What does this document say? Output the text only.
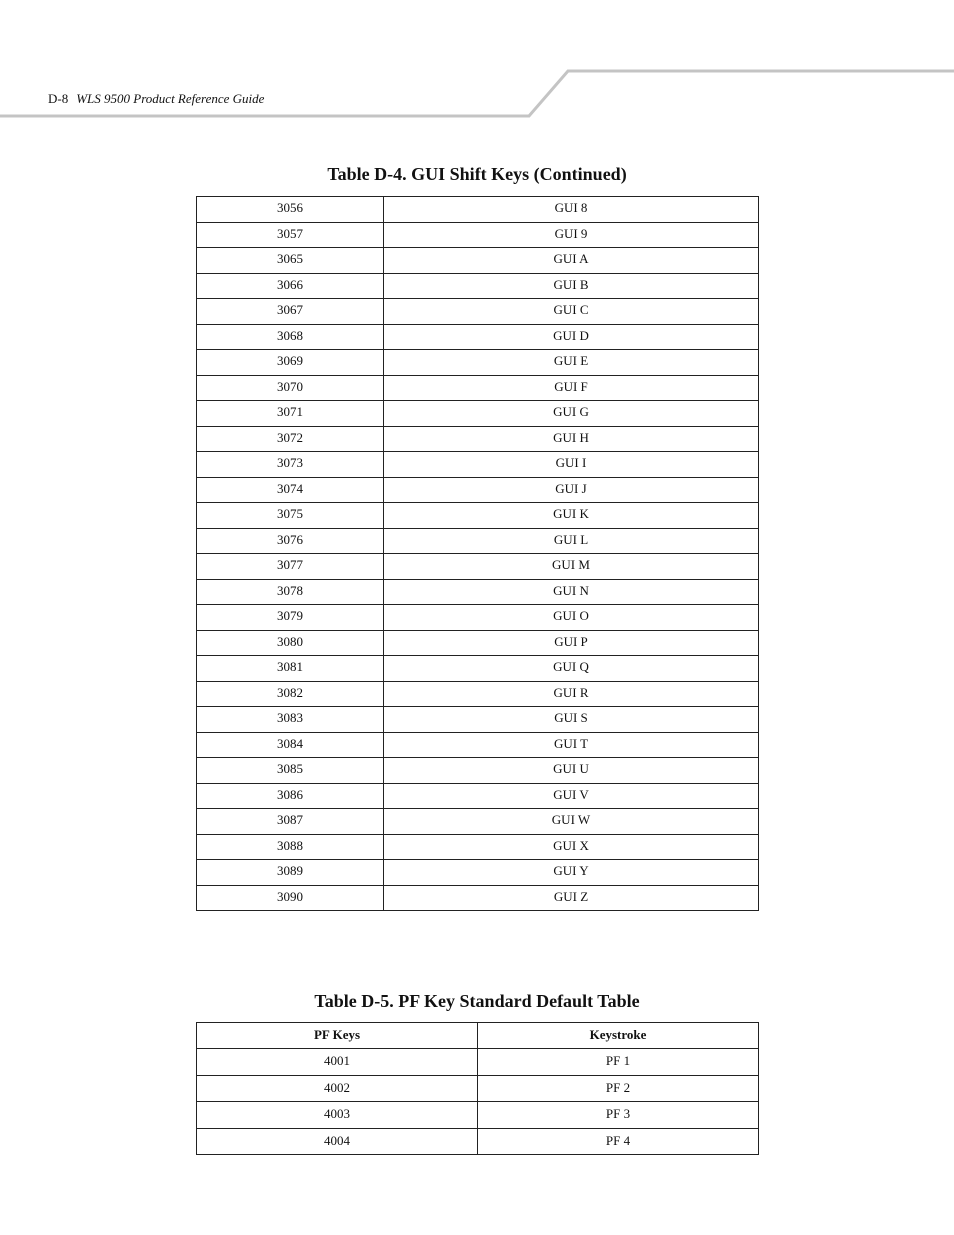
D-8 WLS 9500 Product Reference Guide
Table D-4. GUI Shift Keys (Continued)
3056	GUI 8
3057	GUI 9
3065	GUI A
3066	GUI B
3067	GUI C
3068	GUI D
3069	GUI E
3070	GUI F
3071	GUI G
3072	GUI H
3073	GUI I
3074	GUI J
3075	GUI K
3076	GUI L
3077	GUI M
3078	GUI N
3079	GUI O
3080	GUI P
3081	GUI Q
3082	GUI R
3083	GUI S
3084	GUI T
3085	GUI U
3086	GUI V
3087	GUI W
3088	GUI X
3089	GUI Y
3090	GUI Z
Table D-5. PF Key Standard Default Table
PF Keys	Keystroke
4001	PF 1
4002	PF 2
4003	PF 3
4004	PF 4
